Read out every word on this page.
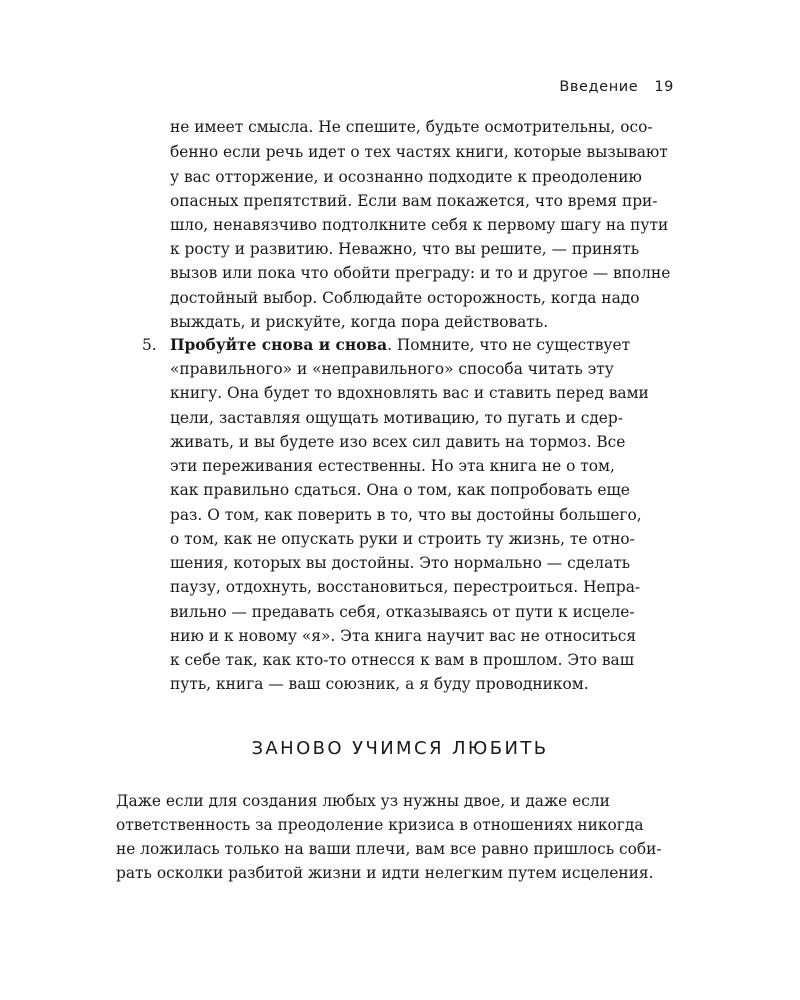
Введение 19
не имеет смысла. Не спешите, будьте осмотрительны, осо-
бенно если речь идет о тех частях книги, которые вызывают
у вас отторжение, и осознанно подходите к преодолению
опасных препятствий. Если вам покажется, что время при-
шло, ненавязчиво подтолкните себя к первому шагу на пути
к росту и развитию. Неважно, что вы решите, — принять
вызов или пока что обойти преграду: и то и другое — вполне
достойный выбор. Соблюдайте осторожность, когда надо
выждать, и рискуйте, когда пора действовать.
5. Пробуйте снова и снова. Помните, что не существует
«правильного» и «неправильного» способа читать эту
книгу. Она будет то вдохновлять вас и ставить перед вами
цели, заставляя ощущать мотивацию, то пугать и сдер-
живать, и вы будете изо всех сил давить на тормоз. Все
эти переживания естественны. Но эта книга не о том,
как правильно сдаться. Она о том, как попробовать еще
раз. О том, как поверить в то, что вы достойны большего,
о том, как не опускать руки и строить ту жизнь, те отно-
шения, которых вы достойны. Это нормально — сделать
паузу, отдохнуть, восстановиться, перестроиться. Непра-
вильно — предавать себя, отказываясь от пути к исцеле-
нию и к новому «я». Эта книга научит вас не относиться
к себе так, как кто-то отнесся к вам в прошлом. Это ваш
путь, книга — ваш союзник, а я буду проводником.
ЗАНОВО УЧИМСЯ ЛЮБИТЬ
Даже если для создания любых уз нужны двое, и даже если
ответственность за преодоление кризиса в отношениях никогда
не ложилась только на ваши плечи, вам все равно пришлось соби-
рать осколки разбитой жизни и идти нелегким путем исцеления.
